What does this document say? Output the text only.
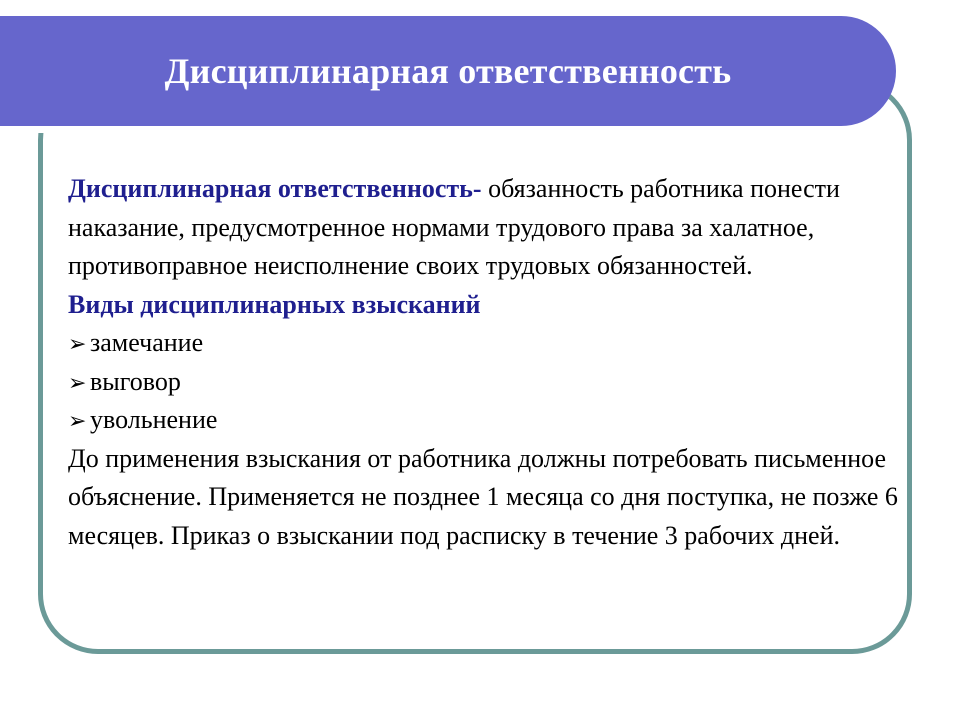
Дисциплинарная ответственность

Дисциплинарная ответственность- обязанность работника понести наказание, предусмотренное нормами трудового права за халатное, противоправное неисполнение своих трудовых обязанностей.

Виды дисциплинарных взысканий

➢ замечание
➢ выговор
➢ увольнение

До применения взыскания от работника должны потребовать письменное объяснение. Применяется не позднее 1 месяца со дня поступка, не позже 6 месяцев. Приказ о взыскании под расписку в течение 3 рабочих дней.
